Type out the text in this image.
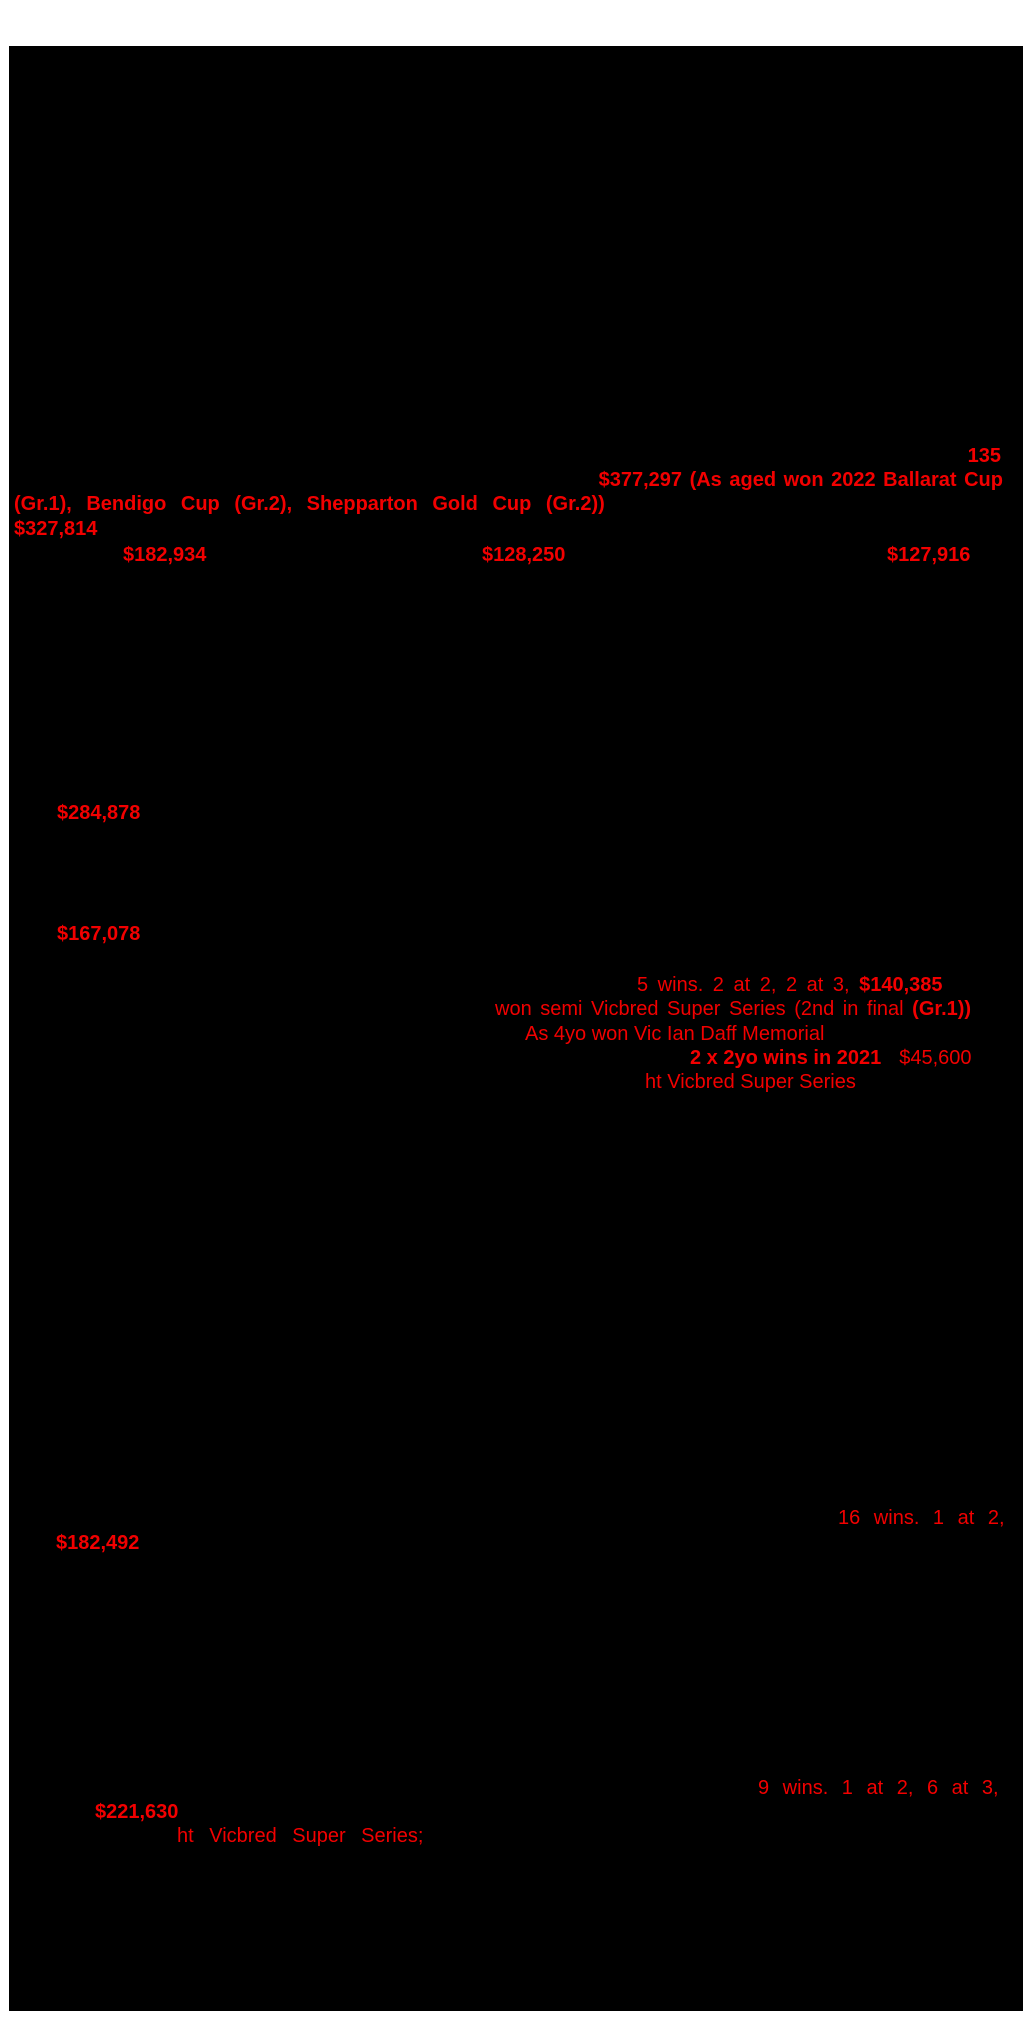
135
$377,297 (As aged won 2022 Ballarat Cup
(Gr.1), Bendigo Cup (Gr.2), Shepparton Gold Cup (Gr.2))
$327,814
$182,934	$128,250	$127,916
$284,878
$167,078
5 wins. 2 at 2, 2 at 3, $140,385
won semi Vicbred Super Series (2nd in final (Gr.1))
As 4yo won Vic Ian Daff Memorial
2 x 2yo wins in 2021 $45,600
ht Vicbred Super Series
16 wins. 1 at 2,
$182,492
9 wins. 1 at 2, 6 at 3,
$221,630
ht Vicbred Super Series;
